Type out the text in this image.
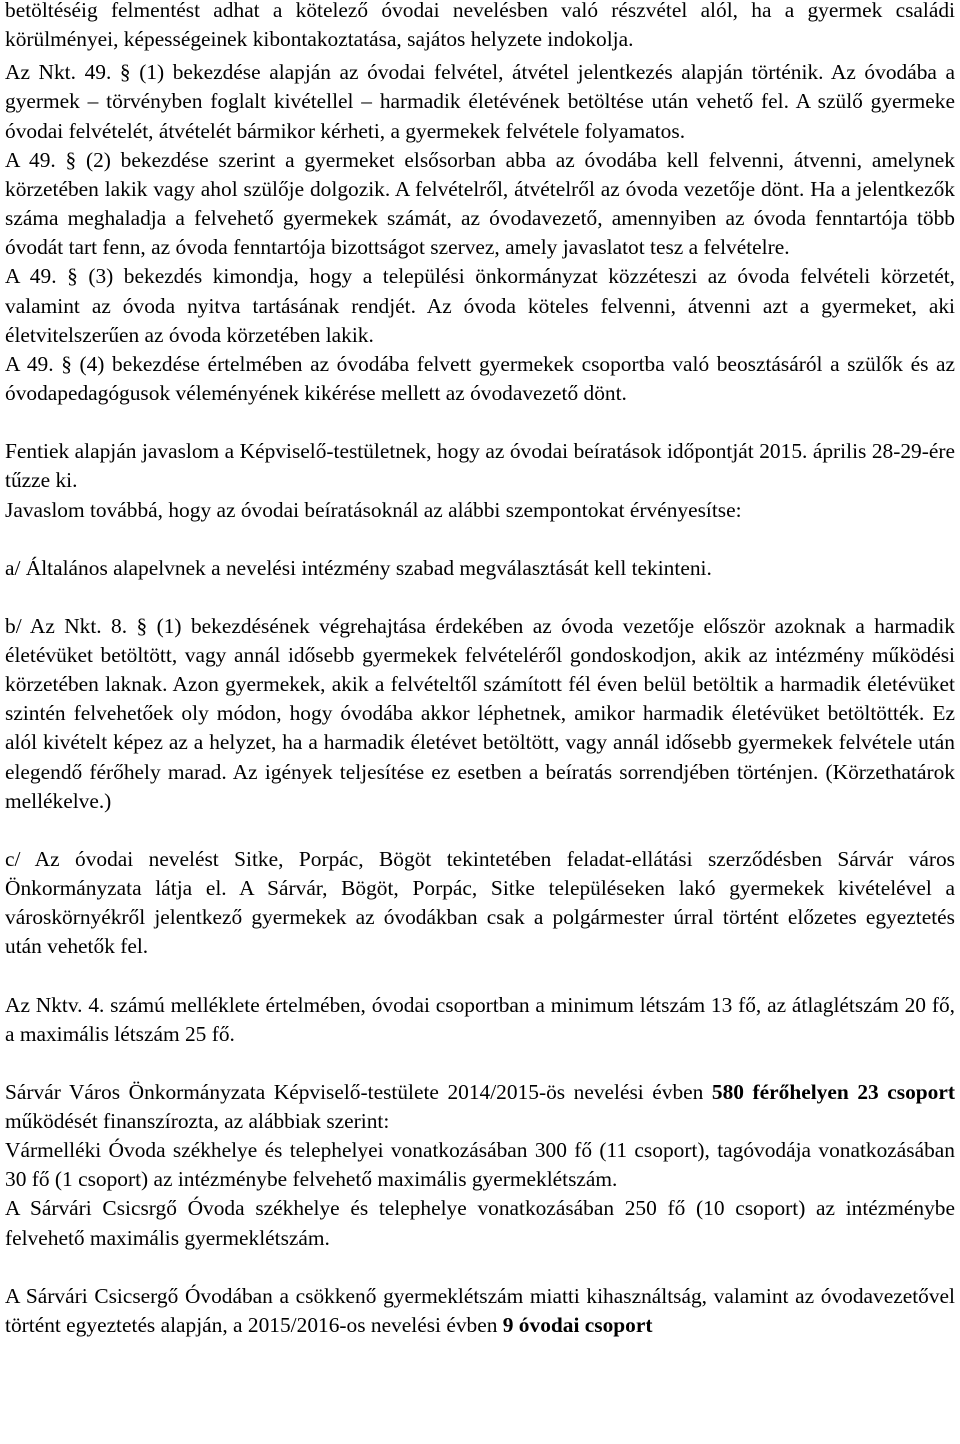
betöltéséig felmentést adhat a kötelező óvodai nevelésben való részvétel alól, ha a gyermek családi körülményei, képességeinek kibontakoztatása, sajátos helyzete indokolja.

Az Nkt. 49. § (1) bekezdése alapján az óvodai felvétel, átvétel jelentkezés alapján történik. Az óvodába a gyermek – törvényben foglalt kivétellel – harmadik életévének betöltése után vehető fel. A szülő gyermeke óvodai felvételét, átvételét bármikor kérheti, a gyermekek felvétele folyamatos.

A 49. § (2) bekezdése szerint a gyermeket elsősorban abba az óvodába kell felvenni, átvenni, amelynek körzetében lakik vagy ahol szülője dolgozik. A felvételről, átvételről az óvoda vezetője dönt. Ha a jelentkezők száma meghaladja a felvehető gyermekek számát, az óvodavezető, amennyiben az óvoda fenntartója több óvodát tart fenn, az óvoda fenntartója bizottságot szervez, amely javaslatot tesz a felvételre.

A 49. § (3) bekezdés kimondja, hogy a települési önkormányzat közzéteszi az óvoda felvételi körzetét, valamint az óvoda nyitva tartásának rendjét. Az óvoda köteles felvenni, átvenni azt a gyermeket, aki életvitelszerűen az óvoda körzetében lakik.

A 49. § (4) bekezdése értelmében az óvodába felvett gyermekek csoportba való beosztásáról a szülők és az óvodapedagógusok véleményének kikérése mellett az óvodavezető dönt.

Fentiek alapján javaslom a Képviselő-testületnek, hogy az óvodai beíratások időpontját 2015. április 28-29-ére tűzze ki.

Javaslom továbbá, hogy az óvodai beíratásoknál az alábbi szempontokat érvényesítse:

a/ Általános alapelvnek a nevelési intézmény szabad megválasztását kell tekinteni.

b/ Az Nkt. 8. § (1) bekezdésének végrehajtása érdekében az óvoda vezetője először azoknak a harmadik életévüket betöltött, vagy annál idősebb gyermekek felvételéről gondoskodjon, akik az intézmény működési körzetében laknak. Azon gyermekek, akik a felvételtől számított fél éven belül betöltik a harmadik életévüket szintén felvehetőek oly módon, hogy óvodába akkor léphetnek, amikor harmadik életévüket betöltötték. Ez alól kivételt képez az a helyzet, ha a harmadik életévet betöltött, vagy annál idősebb gyermekek felvétele után elegendő férőhely marad. Az igények teljesítése ez esetben a beíratás sorrendjében történjen. (Körzethatárok mellékelve.)

c/ Az óvodai nevelést Sitke, Porpác, Bögöt tekintetében feladat-ellátási szerződésben Sárvár város Önkormányzata látja el. A Sárvár, Bögöt, Porpác, Sitke településeken lakó gyermekek kivételével a városkörnyékről jelentkező gyermekek az óvodákban csak a polgármester úrral történt előzetes egyeztetés után vehetők fel.

Az Nktv. 4. számú melléklete értelmében, óvodai csoportban a minimum létszám 13 fő, az átlaglétszám 20 fő, a maximális létszám 25 fő.

Sárvár Város Önkormányzata Képviselő-testülete 2014/2015-ös nevelési évben 580 férőhelyen 23 csoport működését finanszírozta, az alábbiak szerint:

Vármelléki Óvoda székhelye és telephelyei vonatkozásában 300 fő (11 csoport), tagóvodája vonatkozásában 30 fő (1 csoport) az intézménybe felvehető maximális gyermeklétszám.

A Sárvári Csicsrgő Óvoda székhelye és telephelye vonatkozásában 250 fő (10 csoport) az intézménybe felvehető maximális gyermeklétszám.

A Sárvári Csicsergő Óvodában a csökkenő gyermeklétszám miatti kihasználtság, valamint az óvodavezetővel történt egyeztetés alapján, a 2015/2016-os nevelési évben 9 óvodai csoport
